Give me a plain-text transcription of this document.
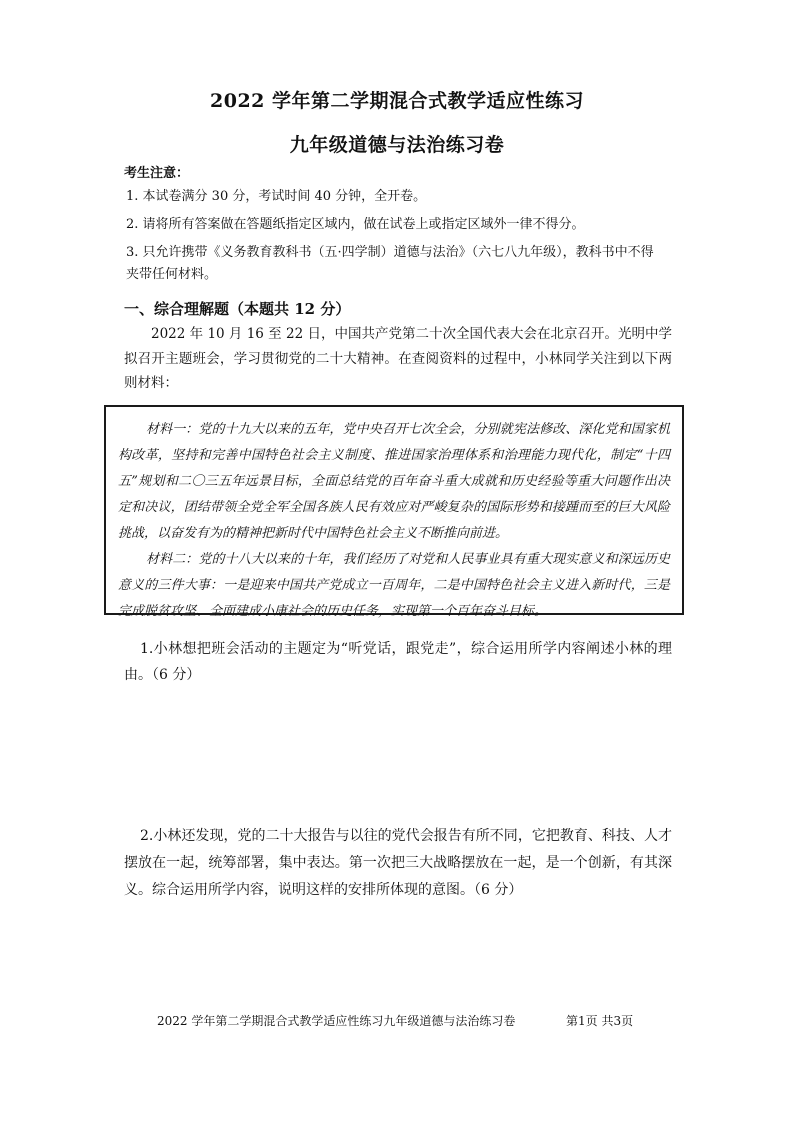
2022 学年第二学期混合式教学适应性练习
九年级道德与法治练习卷
考生注意：
1. 本试卷满分 30 分，考试时间 40 分钟，全开卷。
2. 请将所有答案做在答题纸指定区域内，做在试卷上或指定区域外一律不得分。
3. 只允许携带《义务教育教科书（五·四学制）道德与法治》（六七八九年级），教科书中不得夹带任何材料。
一、综合理解题（本题共 12 分）
2022 年 10 月 16 至 22 日，中国共产党第二十次全国代表大会在北京召开。光明中学拟召开主题班会，学习贯彻党的二十大精神。在查阅资料的过程中，小林同学关注到以下两则材料：

材料一：党的十九大以来的五年，党中央召开七次全会，分别就宪法修改、深化党和国家机构改革，坚持和完善中国特色社会主义制度、推进国家治理体系和治理能力现代化，制定“十四五”规划和二〇三五年远景目标，全面总结党的百年奋斗重大成就和历史经验等重大问题作出决定和决议，团结带领全党全军全国各族人民有效应对严峻复杂的国际形势和接踵而至的巨大风险挑战，以奋发有为的精神把新时代中国特色社会主义不断推向前进。

材料二：党的十八大以来的十年，我们经历了对党和人民事业具有重大现实意义和深远历史意义的三件大事：一是迎来中国共产党成立一百周年，二是中国特色社会主义进入新时代，三是完成脱贫攻坚、全面建成小康社会的历史任务，实现第一个百年奋斗目标。

1.小林想把班会活动的主题定为“听党话，跟党走”，综合运用所学内容阐述小林的理由。（6 分）
2.小林还发现，党的二十大报告与以往的党代会报告有所不同，它把教育、科技、人才摆放在一起，统筹部署，集中表达。第一次把三大战略摆放在一起，是一个创新，有其深义。综合运用所学内容，说明这样的安排所体现的意图。（6 分）
2022 学年第二学期混合式教学适应性练习九年级道德与法治练习卷	第1页 共3页
